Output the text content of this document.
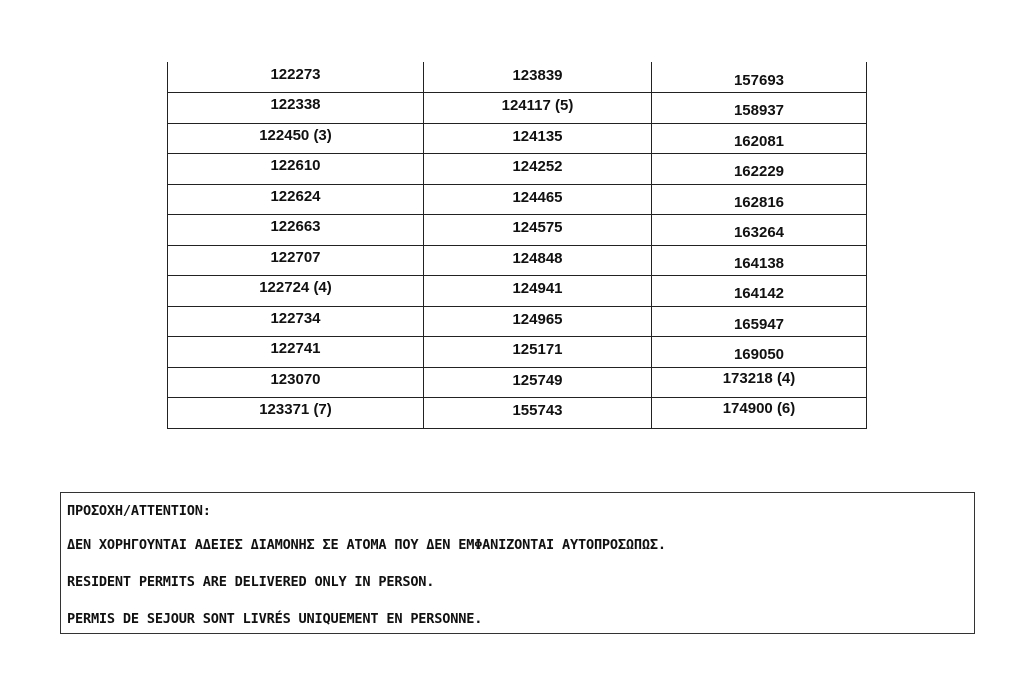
122273	123839	157693
122338	124117 (5)	158937
122450 (3)	124135	162081
122610	124252	162229
122624	124465	162816
122663	124575	163264
122707	124848	164138
122724 (4)	124941	164142
122734	124965	165947
122741	125171	169050
123070	125749	173218 (4)
123371 (7)	155743	174900 (6)

ΠΡΟΣΟΧΗ/ATTENTION:

ΔΕΝ ΧΟΡΗΓΟΥΝΤΑΙ ΑΔΕΙΕΣ ΔΙΑΜΟΝΗΣ ΣΕ ΑΤΟΜΑ ΠΟΥ ΔΕΝ ΕΜΦΑΝΙΖΟΝΤΑΙ ΑΥΤΟΠΡΟΣΩΠΩΣ.

RESIDENT PERMITS ARE DELIVERED ONLY IN PERSON.

PERMIS DE SEJOUR SONT LIVRÉS UNIQUEMENT EN PERSONNE.
